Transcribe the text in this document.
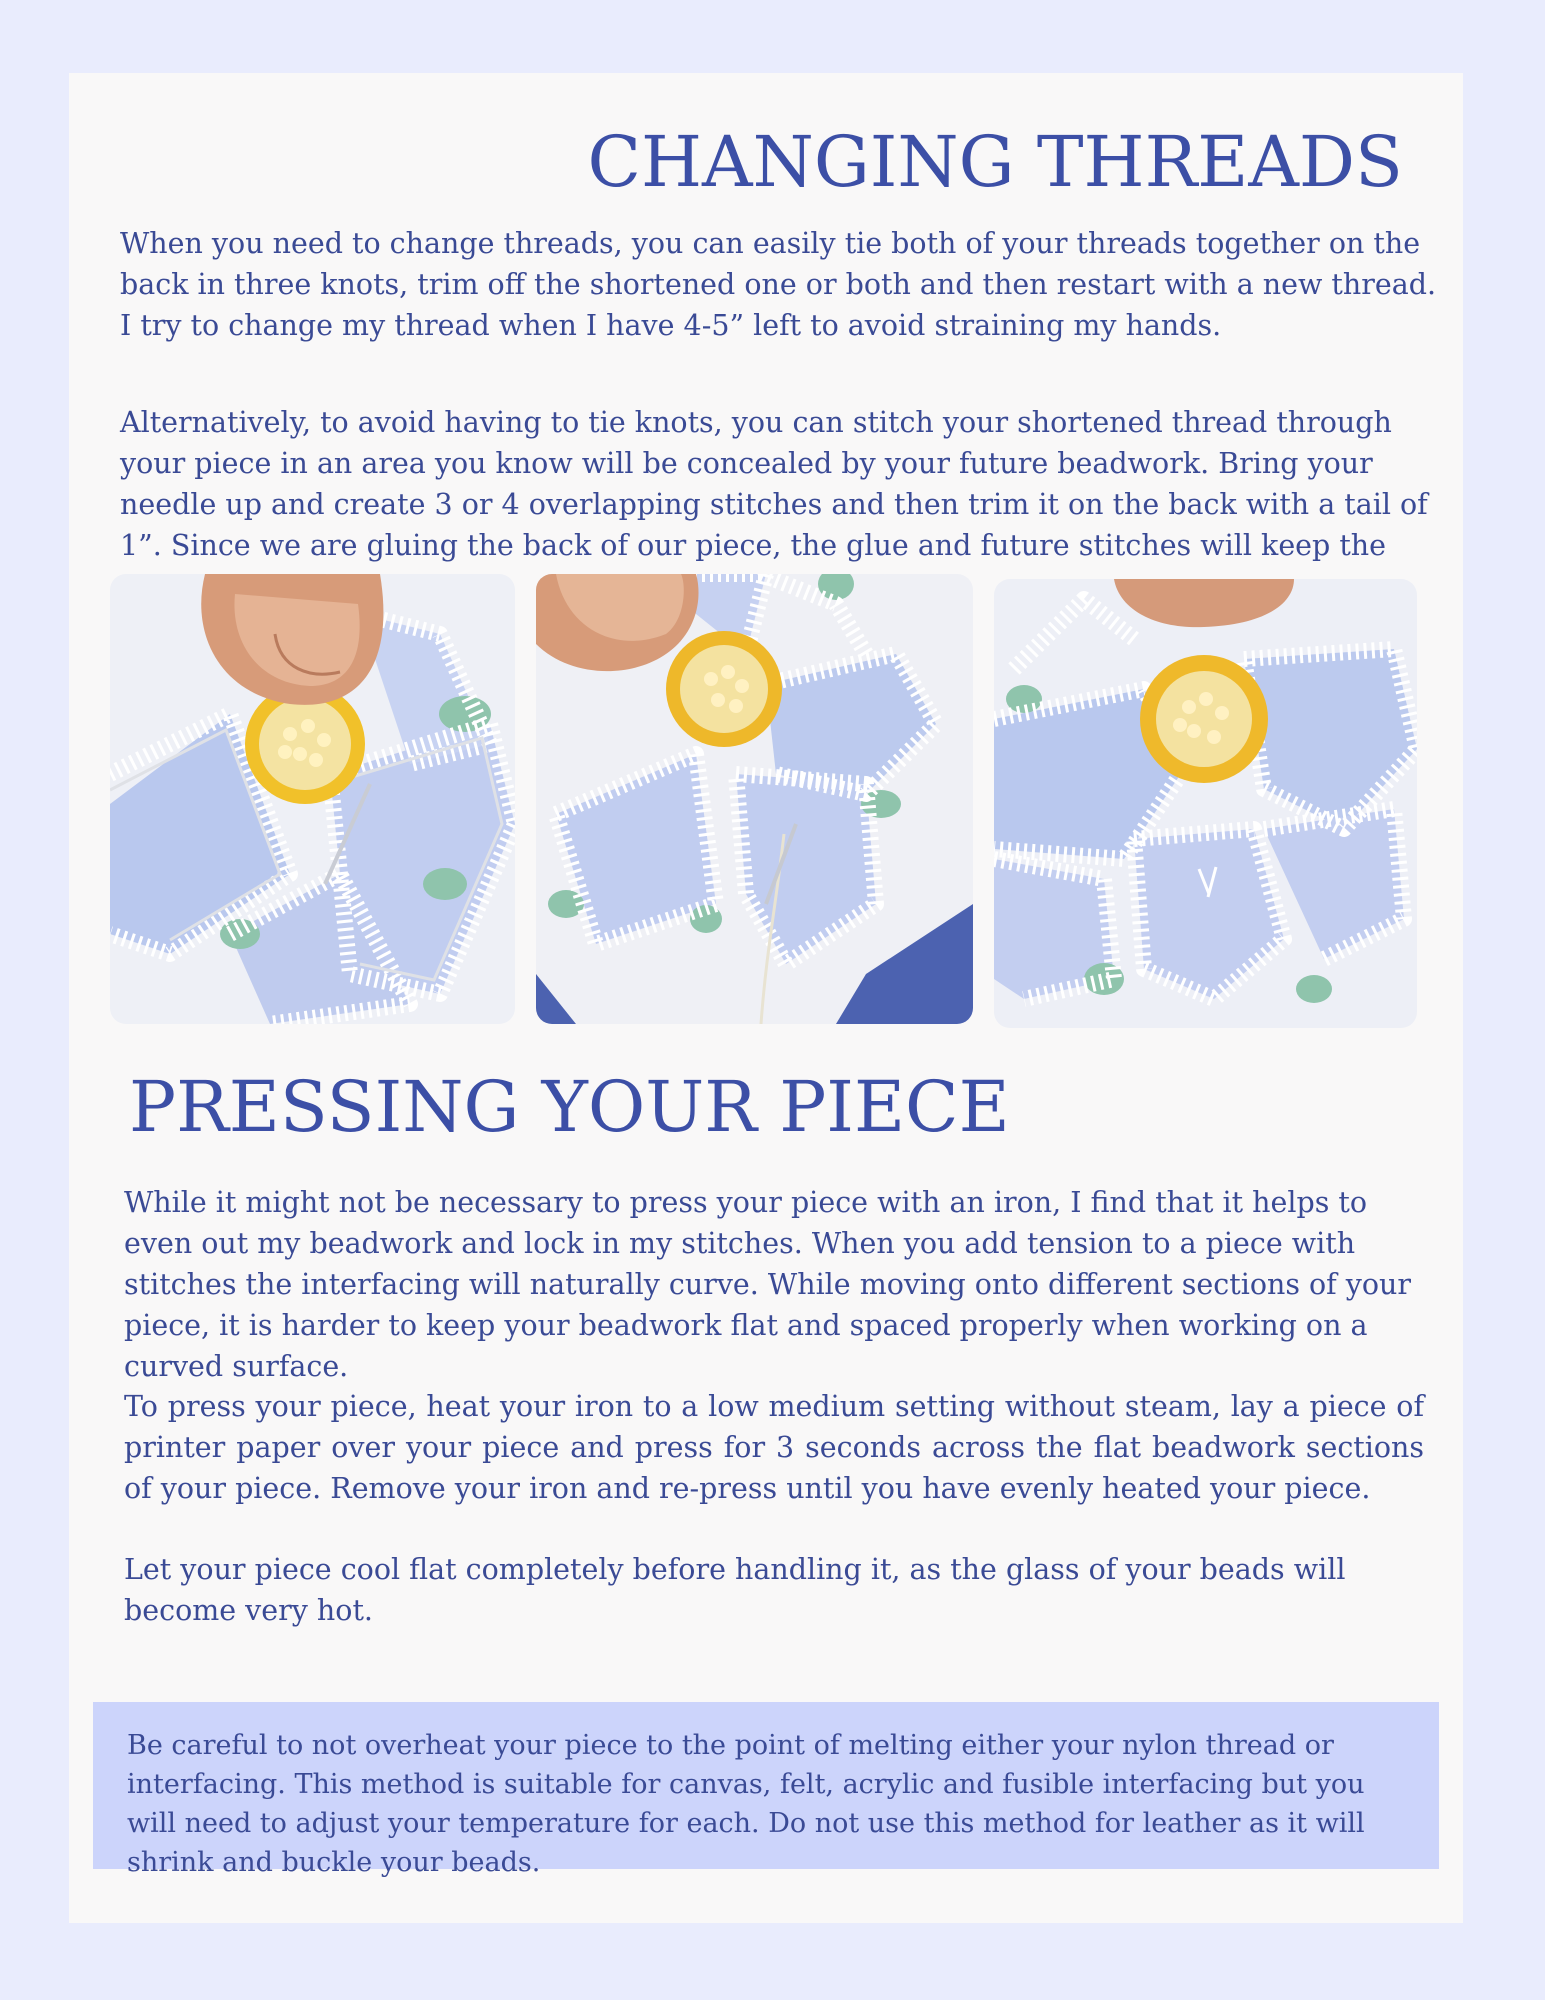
CHANGING THREADS

When you need to change threads, you can easily tie both of your threads together on the back in three knots, trim off the shortened one or both and then restart with a new thread. I try to change my thread when I have 4-5” left to avoid straining my hands.

Alternatively, to avoid having to tie knots, you can stitch your shortened thread through your piece in an area you know will be concealed by your future beadwork. Bring your needle up and create 3 or 4 overlapping stitches and then trim it on the back with a tail of 1”. Since we are gluing the back of our piece, the glue and future stitches will keep the

PRESSING YOUR PIECE

While it might not be necessary to press your piece with an iron, I find that it helps to even out my beadwork and lock in my stitches. When you add tension to a piece with stitches the interfacing will naturally curve. While moving onto different sections of your piece, it is harder to keep your beadwork flat and spaced properly when working on a curved surface.

To press your piece, heat your iron to a low medium setting without steam, lay a piece of printer paper over your piece and press for 3 seconds across the flat beadwork sections of your piece. Remove your iron and re-press until you have evenly heated your piece.

Let your piece cool flat completely before handling it, as the glass of your beads will become very hot.

Be careful to not overheat your piece to the point of melting either your nylon thread or interfacing. This method is suitable for canvas, felt, acrylic and fusible interfacing but you will need to adjust your temperature for each. Do not use this method for leather as it will shrink and buckle your beads.
